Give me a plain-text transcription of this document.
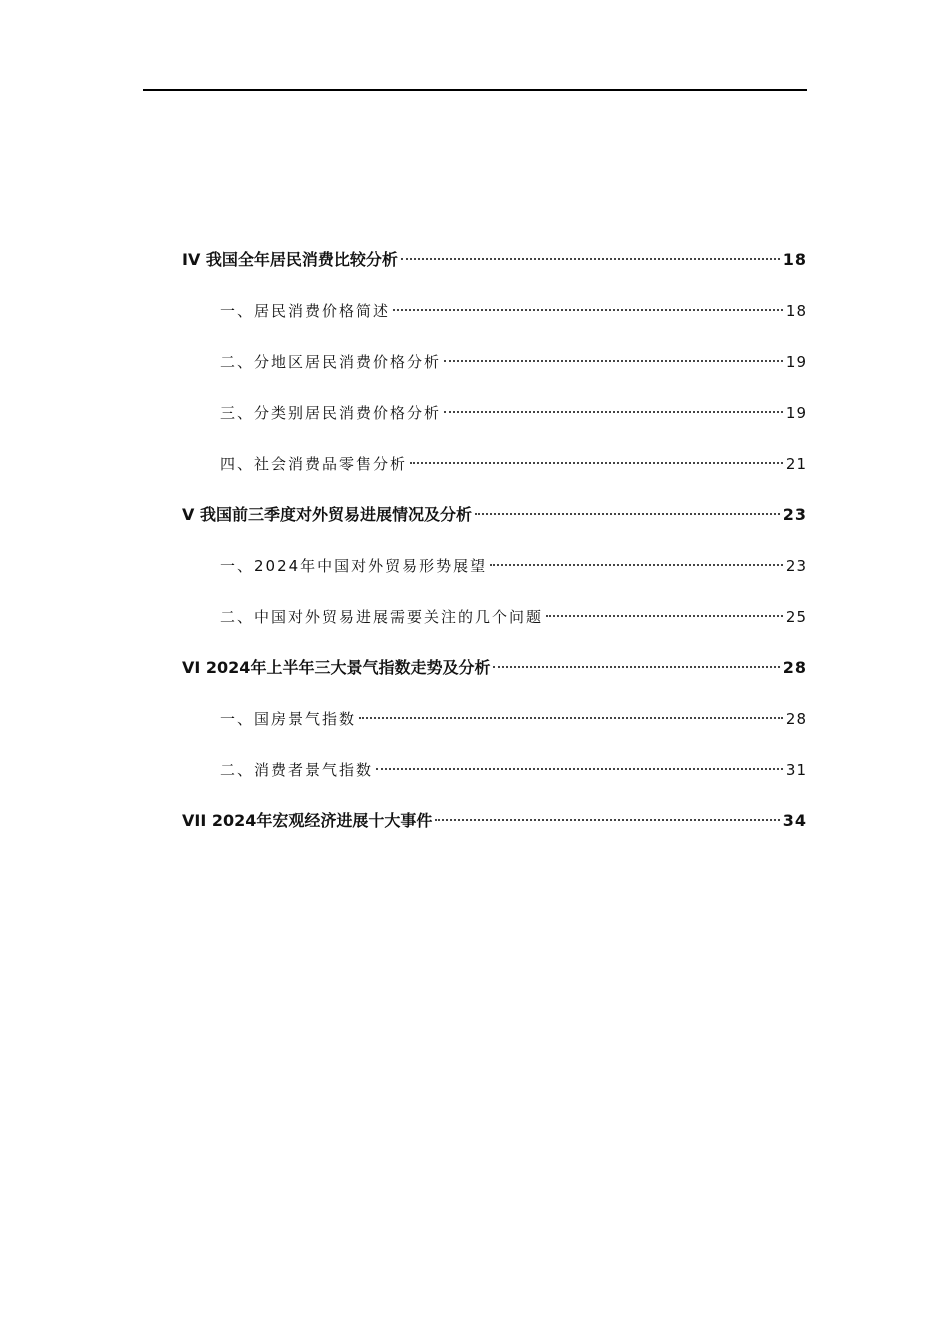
IV 我国全年居民消费比较分析	18
一、居民消费价格简述	18
二、分地区居民消费价格分析	19
三、分类别居民消费价格分析	19
四、社会消费品零售分析	21
V 我国前三季度对外贸易进展情况及分析	23
一、2024年中国对外贸易形势展望	23
二、中国对外贸易进展需要关注的几个问题	25
VI 2024年上半年三大景气指数走势及分析	28
一、国房景气指数	28
二、消费者景气指数	31
VII 2024年宏观经济进展十大事件	34
